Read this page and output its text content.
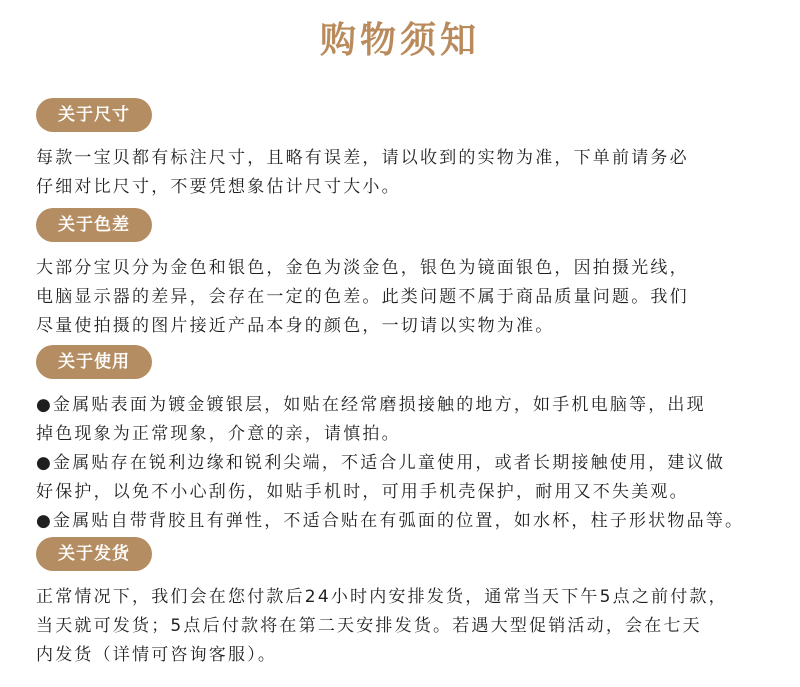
购物须知
关于尺寸

每款一宝贝都有标注尺寸，且略有误差，请以收到的实物为准，下单前请务必

仔细对比尺寸，不要凭想象估计尺寸大小。

关于色差

大部分宝贝分为金色和银色，金色为淡金色，银色为镜面银色，因拍摄光线，

电脑显示器的差异，会存在一定的色差。此类问题不属于商品质量问题。我们

尽量使拍摄的图片接近产品本身的颜色，一切请以实物为准。

关于使用

●金属贴表面为镀金镀银层，如贴在经常磨损接触的地方，如手机电脑等，出现

掉色现象为正常现象，介意的亲，请慎拍。

●金属贴存在锐利边缘和锐利尖端，不适合儿童使用，或者长期接触使用，建议做

好保护，以免不小心刮伤，如贴手机时，可用手机壳保护，耐用又不失美观。

●金属贴自带背胶且有弹性，不适合贴在有弧面的位置，如水杯，柱子形状物品等。

关于发货

正常情况下，我们会在您付款后24小时内安排发货，通常当天下午5点之前付款，

当天就可发货；5点后付款将在第二天安排发货。若遇大型促销活动，会在七天

内发货（详情可咨询客服）。
